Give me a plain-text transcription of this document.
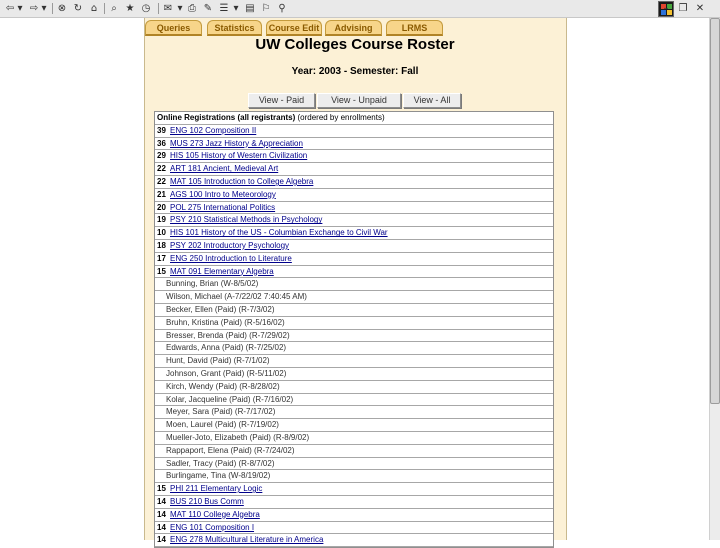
⇦ ▾ ⇨ ▾ ⊗ ↻ ⌂	⌕ ★ ◷ ✉ ▾ ⎙ ✎ ☰ ▾ ▤ ⚐ ⚲	–	❐ ✕
Queries	Statistics	Course Edit	Advising	LRMS
UW Colleges Course Roster
Year: 2003 - Semester: Fall
View - Paid	View - Unpaid	View - All
Online Registrations (all registrants) (ordered by enrollments)
39 ENG 102 Composition II
36 MUS 273 Jazz History & Appreciation
29 HIS 105 History of Western Civilization
22 ART 181 Ancient, Medieval Art
22 MAT 105 Introduction to College Algebra
21 AGS 100 Intro to Meteorology
20 POL 275 International Politics
19 PSY 210 Statistical Methods in Psychology
10 HIS 101 History of the US - Columbian Exchange to Civil War
18 PSY 202 Introductory Psychology
17 ENG 250 Introduction to Literature
15 MAT 091 Elementary Algebra
Bunning, Brian (W-8/5/02)
Wilson, Michael (A-7/22/02 7:40:45 AM)
Becker, Ellen (Paid) (R-7/3/02)
Bruhn, Kristina (Paid) (R-5/16/02)
Bresser, Brenda (Paid) (R-7/29/02)
Edwards, Anna (Paid) (R-7/25/02)
Hunt, David (Paid) (R-7/1/02)
Johnson, Grant (Paid) (R-5/11/02)
Kirch, Wendy (Paid) (R-8/28/02)
Kolar, Jacqueline (Paid) (R-7/16/02)
Meyer, Sara (Paid) (R-7/17/02)
Moen, Laurel (Paid) (R-7/19/02)
Mueller-Joto, Elizabeth (Paid) (R-8/9/02)
Rappaport, Elena (Paid) (R-7/24/02)
Sadler, Tracy (Paid) (R-8/7/02)
Burlingame, Tina (W-8/19/02)
15 PHI 211 Elementary Logic
14 BUS 210 Bus Comm
14 MAT 110 College Algebra
14 ENG 101 Composition I
14 ENG 278 Multicultural Literature in America
